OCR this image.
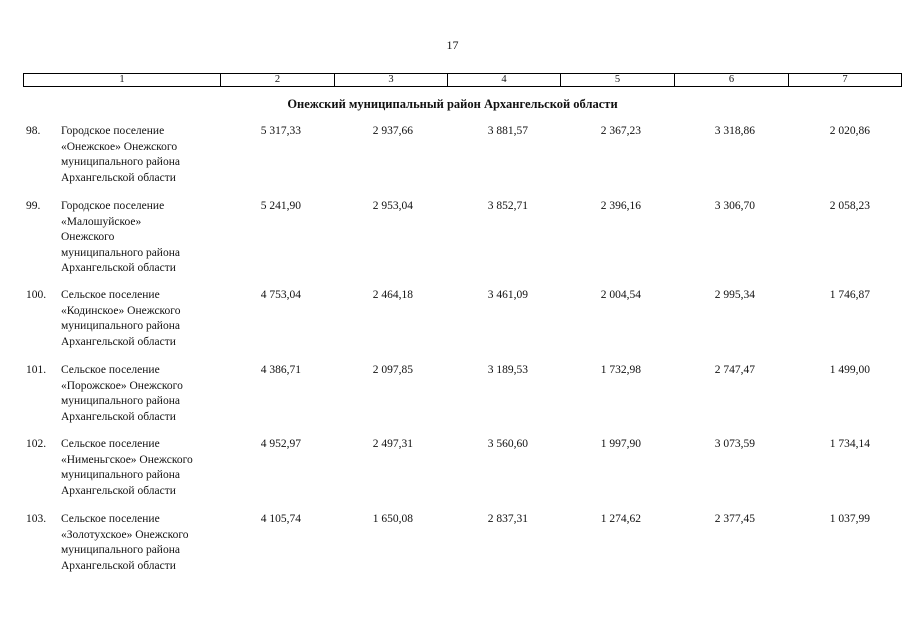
17
1	2	3	4	5	6	7
Онежский муниципальный район Архангельской области
98.	Городское поселение
«Онежское» Онежского
муниципального района
Архангельской области
5 317,33	2 937,66	3 881,57	2 367,23	3 318,86	2 020,86
99.	Городское поселение
«Малошуйское»
Онежского
муниципального района
Архангельской области
5 241,90	2 953,04	3 852,71	2 396,16	3 306,70	2 058,23
100.	Сельское поселение
«Кодинское» Онежского
муниципального района
Архангельской области
4 753,04	2 464,18	3 461,09	2 004,54	2 995,34	1 746,87
101.	Сельское поселение
«Порожское» Онежского
муниципального района
Архангельской области
4 386,71	2 097,85	3 189,53	1 732,98	2 747,47	1 499,00
102.	Сельское поселение
«Нименьгское» Онежского
муниципального района
Архангельской области
4 952,97	2 497,31	3 560,60	1 997,90	3 073,59	1 734,14
103.	Сельское поселение
«Золотухское» Онежского
муниципального района
Архангельской области
4 105,74	1 650,08	2 837,31	1 274,62	2 377,45	1 037,99
